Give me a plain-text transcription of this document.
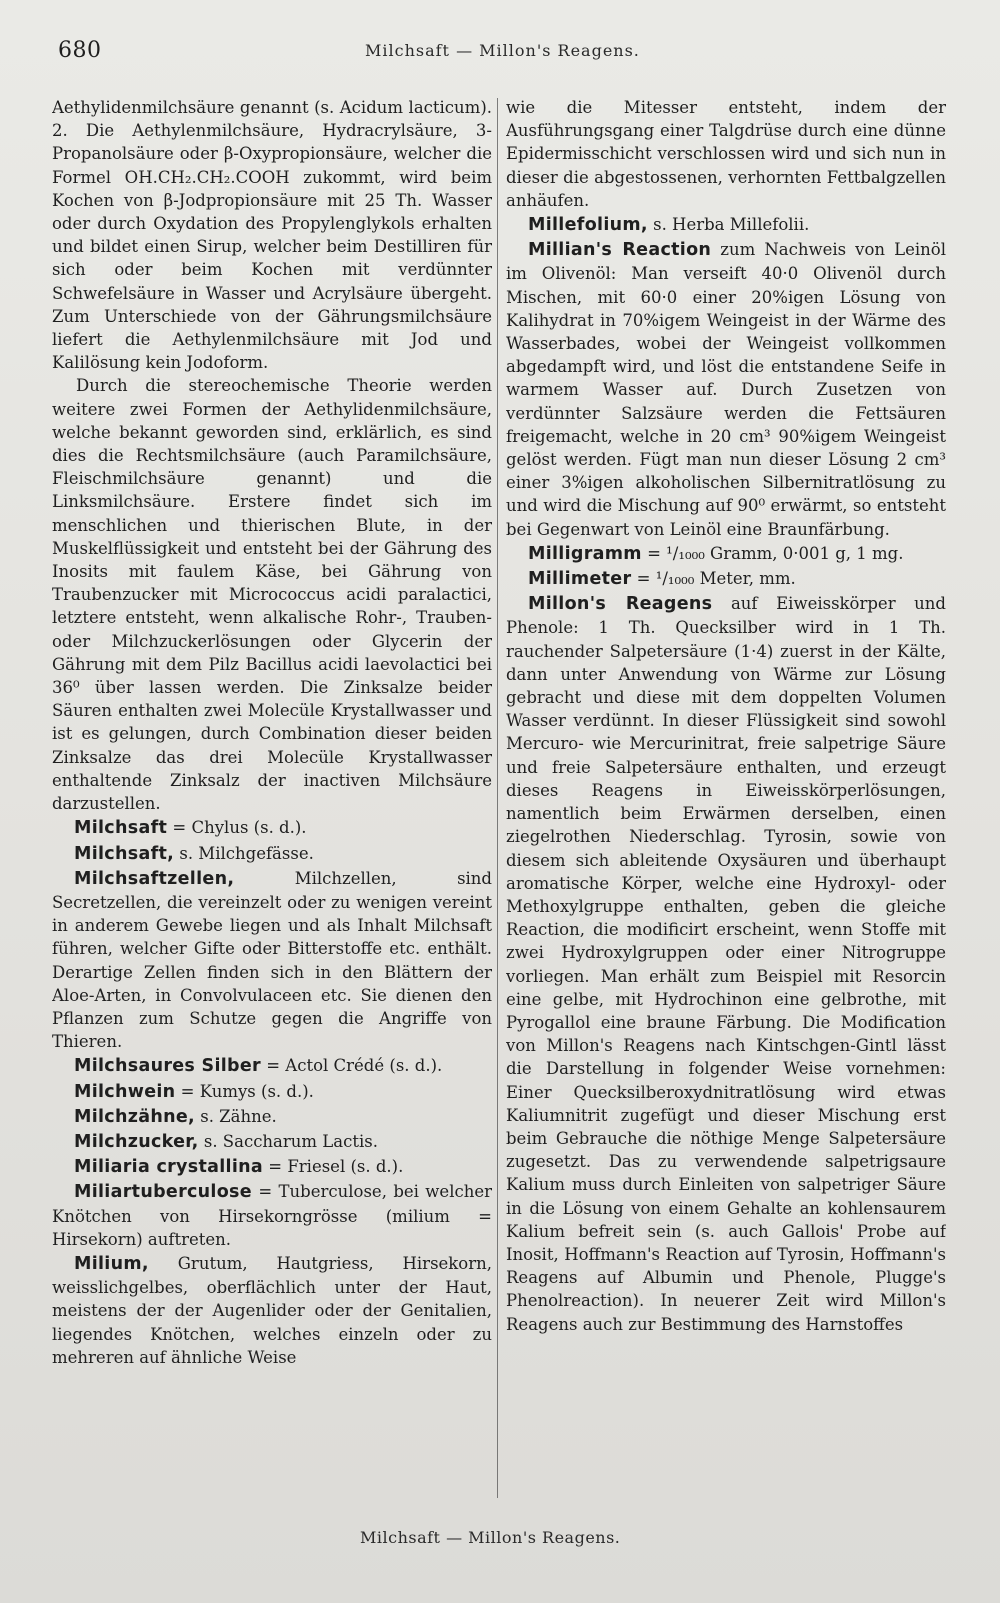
680	Milchsaft — Millon's Reagens.

Aethylidenmilchsäure genannt (s. Acidum lacticum). 2. Die Aethylenmilchsäure, Hydracrylsäure, 3-Propanolsäure oder β-Oxypropionsäure, welcher die Formel OH.CH₂.CH₂.COOH zukommt, wird beim Kochen von β-Jodpropionsäure mit 25 Th. Wasser oder durch Oxydation des Propylenglykols erhalten und bildet einen Sirup, welcher beim Destilliren für sich oder beim Kochen mit verdünnter Schwefelsäure in Wasser und Acrylsäure übergeht. Zum Unterschiede von der Gährungsmilchsäure liefert die Aethylenmilchsäure mit Jod und Kalilösung kein Jodoform.

Durch die stereochemische Theorie werden weitere zwei Formen der Aethylidenmilchsäure, welche bekannt geworden sind, erklärlich, es sind dies die Rechtsmilchsäure (auch Paramilchsäure, Fleischmilchsäure genannt) und die Linksmilchsäure. Erstere findet sich im menschlichen und thierischen Blute, in der Muskelflüssigkeit und entsteht bei der Gährung des Inosits mit faulem Käse, bei Gährung von Traubenzucker mit Micrococcus acidi paralactici, letztere entsteht, wenn alkalische Rohr-, Trauben- oder Milchzuckerlösungen oder Glycerin der Gährung mit dem Pilz Bacillus acidi laevolactici bei 36⁰ über lassen werden. Die Zinksalze beider Säuren enthalten zwei Molecüle Krystallwasser und ist es gelungen, durch Combination dieser beiden Zinksalze das drei Molecüle Krystallwasser enthaltende Zinksalz der inactiven Milchsäure darzustellen.

Milchsaft = Chylus (s. d.).

Milchsaft, s. Milchgefässe.

Milchsaftzellen, Milchzellen, sind Secretzellen, die vereinzelt oder zu wenigen vereint in anderem Gewebe liegen und als Inhalt Milchsaft führen, welcher Gifte oder Bitterstoffe etc. enthält. Derartige Zellen finden sich in den Blättern der Aloe-Arten, in Convolvulaceen etc. Sie dienen den Pflanzen zum Schutze gegen die Angriffe von Thieren.

Milchsaures Silber = Actol Crédé (s. d.).

Milchwein = Kumys (s. d.).

Milchzähne, s. Zähne.

Milchzucker, s. Saccharum Lactis.

Miliaria crystallina = Friesel (s. d.).

Miliartuberculose = Tuberculose, bei welcher Knötchen von Hirsekorngrösse (milium = Hirsekorn) auftreten.

Milium, Grutum, Hautgriess, Hirsekorn, weisslichgelbes, oberflächlich unter der Haut, meistens der der Augenlider oder der Genitalien, liegendes Knötchen, welches einzeln oder zu mehreren auf ähnliche Weise

wie die Mitesser entsteht, indem der Ausführungsgang einer Talgdrüse durch eine dünne Epidermisschicht verschlossen wird und sich nun in dieser die abgestossenen, verhornten Fettbalgzellen anhäufen.

Millefolium, s. Herba Millefolii.

Millian's Reaction zum Nachweis von Leinöl im Olivenöl: Man verseift 40·0 Olivenöl durch Mischen, mit 60·0 einer 20%igen Lösung von Kalihydrat in 70%igem Weingeist in der Wärme des Wasserbades, wobei der Weingeist vollkommen abgedampft wird, und löst die entstandene Seife in warmem Wasser auf. Durch Zusetzen von verdünnter Salzsäure werden die Fettsäuren freigemacht, welche in 20 cm³ 90%igem Weingeist gelöst werden. Fügt man nun dieser Lösung 2 cm³ einer 3%igen alkoholischen Silbernitratlösung zu und wird die Mischung auf 90⁰ erwärmt, so entsteht bei Gegenwart von Leinöl eine Braunfärbung.

Milligramm = ¹/₁₀₀₀ Gramm, 0·001 g, 1 mg.

Millimeter = ¹/₁₀₀₀ Meter, mm.

Millon's Reagens auf Eiweisskörper und Phenole: 1 Th. Quecksilber wird in 1 Th. rauchender Salpetersäure (1·4) zuerst in der Kälte, dann unter Anwendung von Wärme zur Lösung gebracht und diese mit dem doppelten Volumen Wasser verdünnt. In dieser Flüssigkeit sind sowohl Mercuro- wie Mercurinitrat, freie salpetrige Säure und freie Salpetersäure enthalten, und erzeugt dieses Reagens in Eiweisskörperlösungen, namentlich beim Erwärmen derselben, einen ziegelrothen Niederschlag. Tyrosin, sowie von diesem sich ableitende Oxysäuren und überhaupt aromatische Körper, welche eine Hydroxyl- oder Methoxylgruppe enthalten, geben die gleiche Reaction, die modificirt erscheint, wenn Stoffe mit zwei Hydroxylgruppen oder einer Nitrogruppe vorliegen. Man erhält zum Beispiel mit Resorcin eine gelbe, mit Hydrochinon eine gelbrothe, mit Pyrogallol eine braune Färbung. Die Modification von Millon's Reagens nach Kintschgen-Gintl lässt die Darstellung in folgender Weise vornehmen: Einer Quecksilberoxydnitratlösung wird etwas Kaliumnitrit zugefügt und dieser Mischung erst beim Gebrauche die nöthige Menge Salpetersäure zugesetzt. Das zu verwendende salpetrigsaure Kalium muss durch Einleiten von salpetriger Säure in die Lösung von einem Gehalte an kohlensaurem Kalium befreit sein (s. auch Gallois' Probe auf Inosit, Hoffmann's Reaction auf Tyrosin, Hoffmann's Reagens auf Albumin und Phenole, Plugge's Phenolreaction). In neuerer Zeit wird Millon's Reagens auch zur Bestimmung des Harnstoffes

Milchsaft — Millon's Reagens.
